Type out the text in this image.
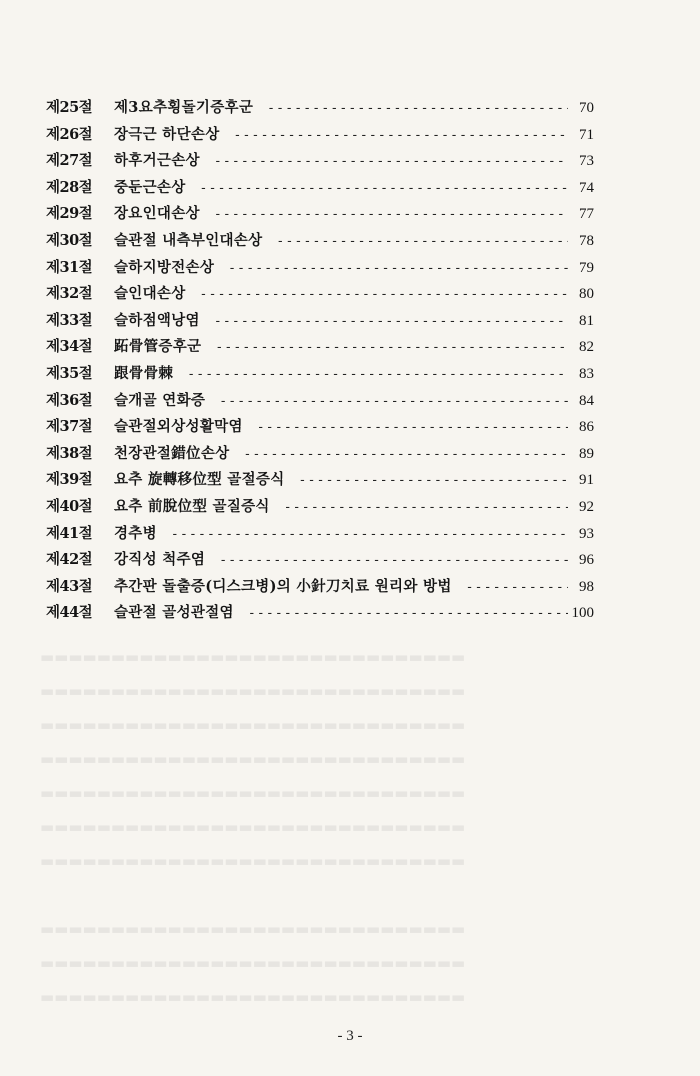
▬▬▬▬▬▬▬▬▬▬▬▬▬▬▬▬▬▬▬▬▬▬▬▬▬▬▬▬▬▬
▬▬▬▬▬▬▬▬▬▬▬▬▬▬▬▬▬▬▬▬▬▬▬▬▬▬▬▬▬▬
▬▬▬▬▬▬▬▬▬▬▬▬▬▬▬▬▬▬▬▬▬▬▬▬▬▬▬▬▬▬
▬▬▬▬▬▬▬▬▬▬▬▬▬▬▬▬▬▬▬▬▬▬▬▬▬▬▬▬▬▬
▬▬▬▬▬▬▬▬▬▬▬▬▬▬▬▬▬▬▬▬▬▬▬▬▬▬▬▬▬▬
▬▬▬▬▬▬▬▬▬▬▬▬▬▬▬▬▬▬▬▬▬▬▬▬▬▬▬▬▬▬
▬▬▬▬▬▬▬▬▬▬▬▬▬▬▬▬▬▬▬▬▬▬▬▬▬▬▬▬▬▬

▬▬▬▬▬▬▬▬▬▬▬▬▬▬▬▬▬▬▬▬▬▬▬▬▬▬▬▬▬▬
▬▬▬▬▬▬▬▬▬▬▬▬▬▬▬▬▬▬▬▬▬▬▬▬▬▬▬▬▬▬
▬▬▬▬▬▬▬▬▬▬▬▬▬▬▬▬▬▬▬▬▬▬▬▬▬▬▬▬▬▬
제25절	제3요추횡돌기증후군 -----	70
제26절	장극근 하단손상 -----	71
제27절	하후거근손상 -----	73
제28절	중둔근손상 -----	74
제29절	장요인대손상 -----	77
제30절	슬관절 내측부인대손상 -----	78
제31절	슬하지방전손상 -----	79
제32절	슬인대손상 -----	80
제33절	슬하점액낭염 -----	81
제34절	跖骨管증후군 -----	82
제35절	跟骨骨棘 -----	83
제36절	슬개골 연화증 -----	84
제37절	슬관절외상성활막염 -----	86
제38절	천장관절錯位손상 -----	89
제39절	요추 旋轉移位型 골절증식 -----	91
제40절	요추 前脫位型 골질증식 -----	92
제41절	경추병 -----	93
제42절	강직성 척주염 -----	96
제43절	추간판 돌출증(디스크병)의 小針刀치료 원리와 방법 -----	98
제44절	슬관절 골성관절염 -----	100
- 3 -
